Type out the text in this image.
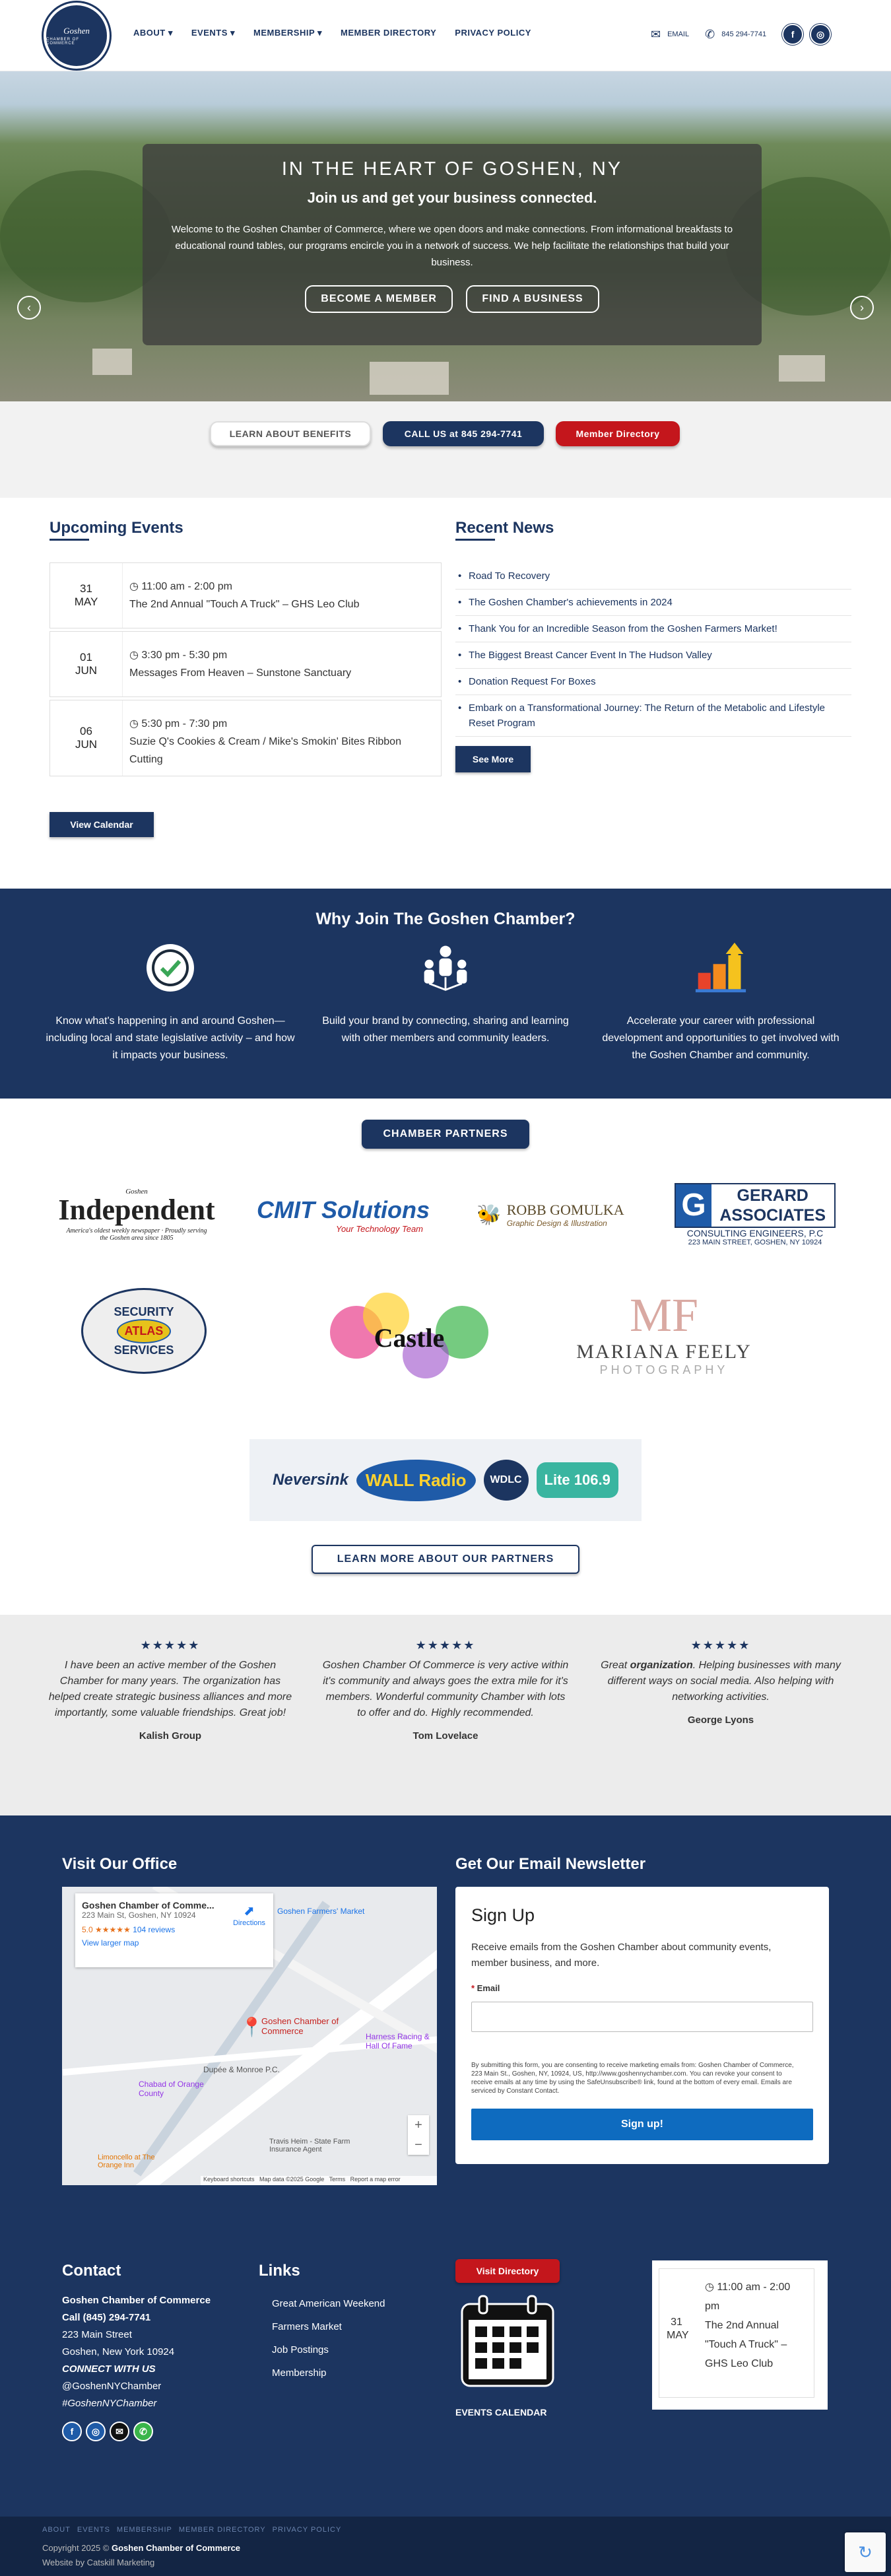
Goshen
CHAMBER OF COMMERCE
ABOUT ▾ EVENTS ▾ MEMBERSHIP ▾ MEMBER DIRECTORY PRIVACY POLICY	✉ EMAIL ✆ 845 294-7741	f	◎
‹	›
IN THE HEART OF GOSHEN, NY
Join us and get your business connected.

Welcome to the Goshen Chamber of Commerce, where we open doors and make connections. From informational breakfasts to educational round tables, our programs encircle you in a network of success. We help facilitate the relationships that build your business.

BECOME A MEMBER	FIND A BUSINESS
LEARN ABOUT BENEFITS	CALL US at 845 294-7741	Member Directory
Upcoming Events
31
MAY
◷ 11:00 am - 2:00 pm
The 2nd Annual "Touch A Truck" – GHS Leo Club
01
JUN
◷ 3:30 pm - 5:30 pm
Messages From Heaven – Sunstone Sanctuary
06
JUN
◷ 5:30 pm - 7:30 pm
Suzie Q's Cookies & Cream / Mike's Smokin' Bites Ribbon Cutting
View Calendar
Recent News
• Road To Recovery
• The Goshen Chamber's achievements in 2024
• Thank You for an Incredible Season from the Goshen Farmers Market!
• The Biggest Breast Cancer Event In The Hudson Valley
• Donation Request For Boxes
• Embark on a Transformational Journey: The Return of the Metabolic and Lifestyle Reset Program
See More
Why Join The Goshen Chamber?

Know what's happening in and around Goshen—including local and state legislative activity – and how it impacts your business.

Build your brand by connecting, sharing and learning with other members and community leaders.

Accelerate your career with professional development and opportunities to get involved with the Goshen Chamber and community.

CHAMBER PARTNERS
Goshen
Independent
America's oldest weekly newspaper · Proudly serving the Goshen area since 1805
CMIT Solutions
Your Technology Team
🐝 ROBB GOMULKA
Graphic Design & Illustration
G	GERARD ASSOCIATES
CONSULTING ENGINEERS, P.C
223 MAIN STREET, GOSHEN, NY 10924
SECURITY
ATLAS
SERVICES	Castle	MF
MARIANA FEELY
PHOTOGRAPHY
Neversink	WALL Radio	WDLC	Lite 106.9
LEARN MORE ABOUT OUR PARTNERS
★★★★★

I have been an active member of the Goshen Chamber for many years. The organization has helped create strategic business alliances and more importantly, some valuable friendships. Great job!

Kalish Group
★★★★★

Goshen Chamber Of Commerce is very active within it's community and always goes the extra mile for it's members. Wonderful community Chamber with lots to offer and do. Highly recommended.

Tom Lovelace
★★★★★

Great organization. Helping businesses with many different ways on social media. Also helping with networking activities.

George Lyons
Visit Our Office
Goshen Chamber of Comme...
223 Main St, Goshen, NY 10924
5.0 ★★★★★ 104 reviews
View larger map
⬈
Directions
📍
Goshen Chamber of Commerce
Goshen Farmers' Market
Harness Racing & Hall Of Fame
Dupée & Monroe P.C.
Chabad of Orange County
Travis Heim - State Farm Insurance Agent
Limoncello at The Orange Inn
+
−
Keyboard shortcuts   Map data ©2025 Google   Terms   Report a map error
Get Our Email Newsletter
Sign Up
Receive emails from the Goshen Chamber about community events, member business, and more.
* Email
By submitting this form, you are consenting to receive marketing emails from: Goshen Chamber of Commerce, 223 Main St., Goshen, NY, 10924, US, http://www.goshennychamber.com. You can revoke your consent to receive emails at any time by using the SafeUnsubscribe® link, found at the bottom of every email. Emails are serviced by Constant Contact.
Sign up!
Contact
Goshen Chamber of Commerce
Call (845) 294-7741
223 Main Street
Goshen, New York 10924
CONNECT WITH US
@GoshenNYChamber
#GoshenNYChamber
f	◎	✉	✆
Links
Great American Weekend
Farmers Market
Job Postings
Membership
Visit Directory
EVENTS CALENDAR
31
MAY
◷ 11:00 am - 2:00 pm
The 2nd Annual "Touch A Truck" – GHS Leo Club
ABOUT EVENTS MEMBERSHIP MEMBER DIRECTORY PRIVACY POLICY
Copyright 2025 © Goshen Chamber of Commerce
Website by Catskill Marketing
↻
